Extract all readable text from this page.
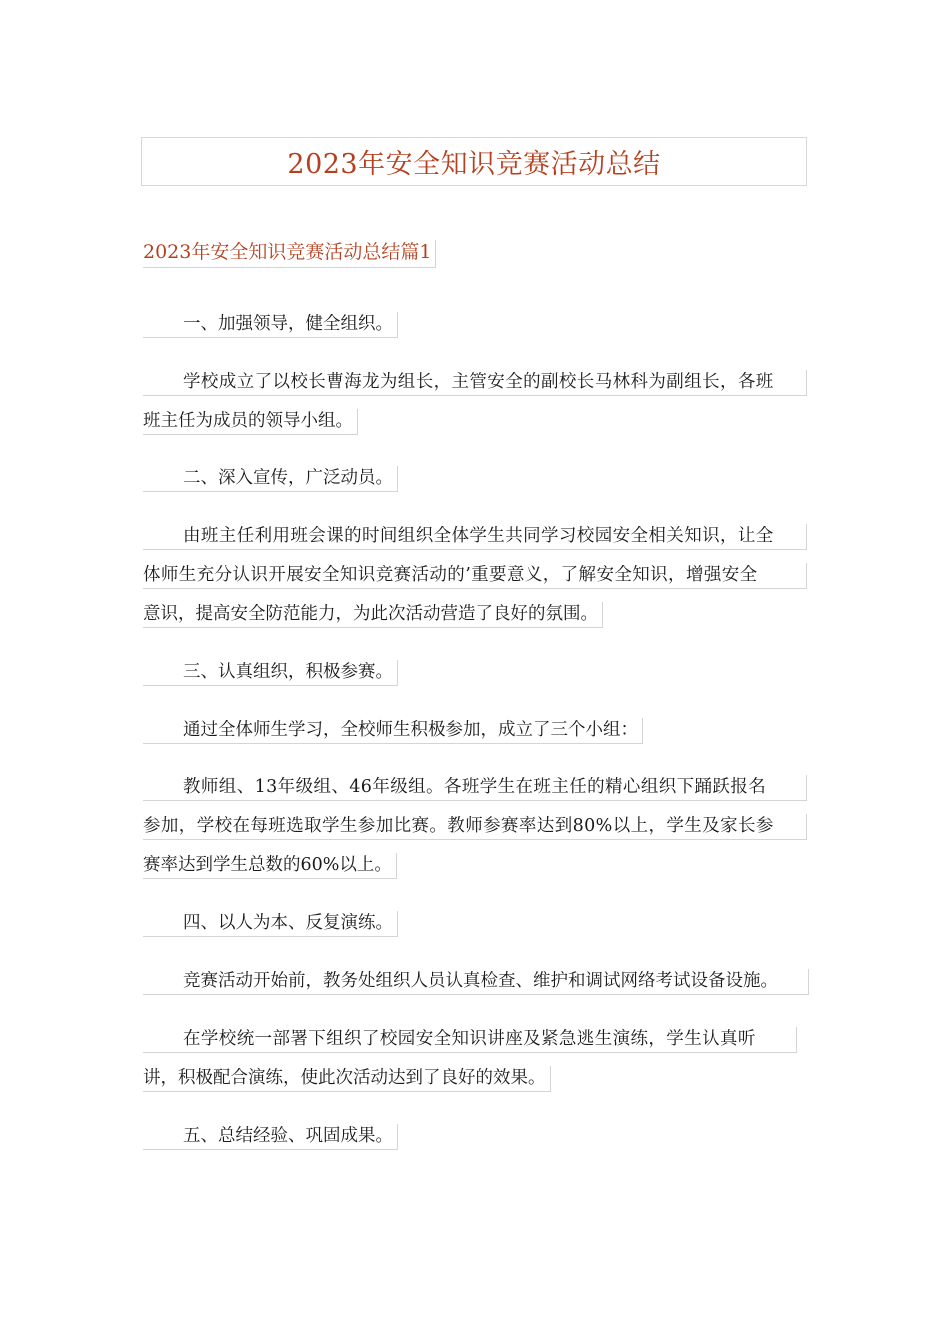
2023年安全知识竞赛活动总结
2023年安全知识竞赛活动总结篇1
一、加强领导，健全组织。
学校成立了以校长曹海龙为组长，主管安全的副校长马林科为副组长，各班
班主任为成员的领导小组。
二、深入宣传，广泛动员。
由班主任利用班会课的时间组织全体学生共同学习校园安全相关知识，让全
体师生充分认识开展安全知识竞赛活动的’重要意义，了解安全知识，增强安全
意识，提高安全防范能力，为此次活动营造了良好的氛围。
三、认真组织，积极参赛。
通过全体师生学习，全校师生积极参加，成立了三个小组：
教师组、13年级组、46年级组。各班学生在班主任的精心组织下踊跃报名
参加，学校在每班选取学生参加比赛。教师参赛率达到80%以上，学生及家长参
赛率达到学生总数的60%以上。
四、以人为本、反复演练。
竞赛活动开始前，教务处组织人员认真检查、维护和调试网络考试设备设施。
在学校统一部署下组织了校园安全知识讲座及紧急逃生演练，学生认真听
讲，积极配合演练，使此次活动达到了良好的效果。
五、总结经验、巩固成果。
